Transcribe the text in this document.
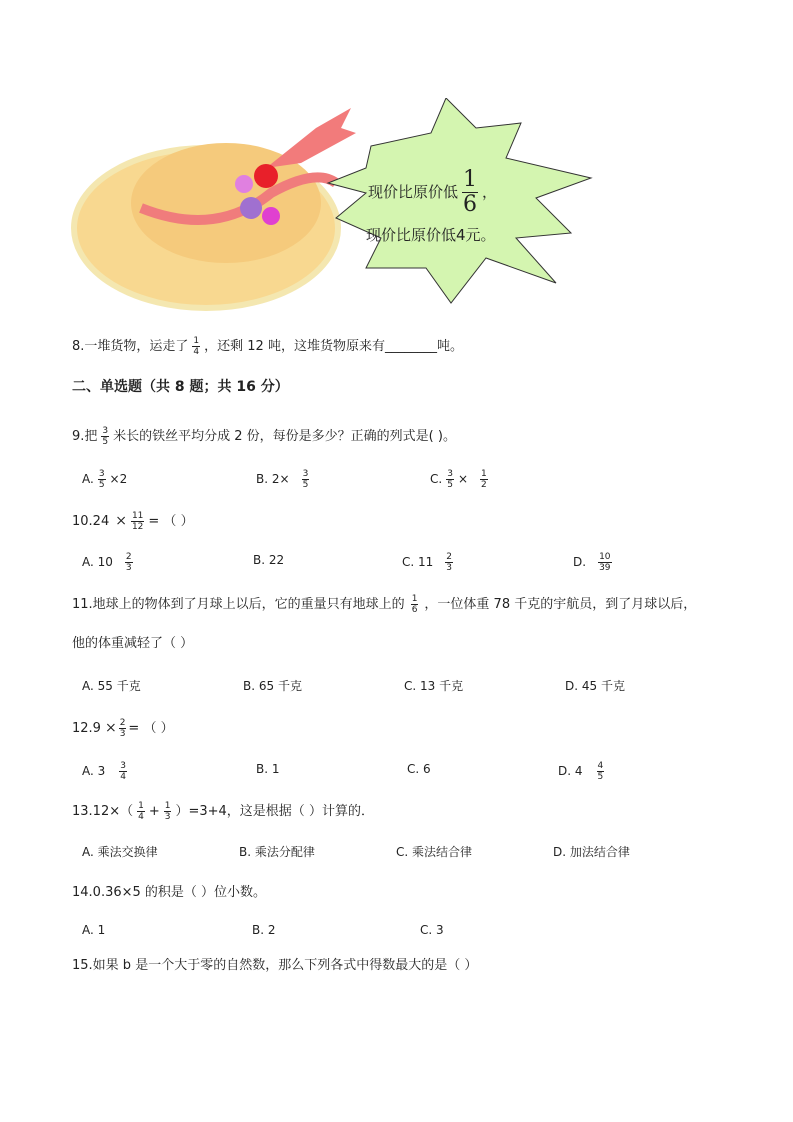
现价比原价低 $\frac{1}{6}$ ，
现价比原价低4元。
8.一堆货物，运走了 $\frac{1}{4}$ ，还剩 12 吨，这堆货物原来有________吨。
二、单选题（共 8 题；共 16 分）
9.把 $\frac{3}{5}$ 米长的铁丝平均分成 2 份，每份是多少？正确的列式是( )。
A. $\frac{3}{5} \times 2$	B. $2\times \frac{3}{5}$	C. $\frac{3}{5} \times \frac{1}{2}$
$10.24 \times \frac{11}{12}$ = （ ）
A. $10 \frac{2}{3}$	B. 22	C. $11 \frac{2}{3}$	D. $\frac{10}{39}$
11.地球上的物体到了月球上以后，它的重量只有地球上的 $\frac{1}{6}$ ，一位体重 78 千克的宇航员，到了月球以后，
他的体重减轻了（ ）
A. 55 千克	B. 65 千克	C. 13 千克	D. 45 千克
$12.9 \times \frac{2}{3}$ = （ ）
A. $3 \frac{3}{4}$	B. 1	C. 6	D. $4 \frac{4}{5}$
$13.12\times( \frac{1}{4} + \frac{1}{3} )=3+4$，这是根据（ ）计算的．
A. 乘法交换律	B. 乘法分配律	C. 乘法结合律	D. 加法结合律
14.0.36×5 的积是（ ）位小数。
A. 1	B. 2	C. 3
15.如果 b 是一个大于零的自然数，那么下列各式中得数最大的是（ ）
